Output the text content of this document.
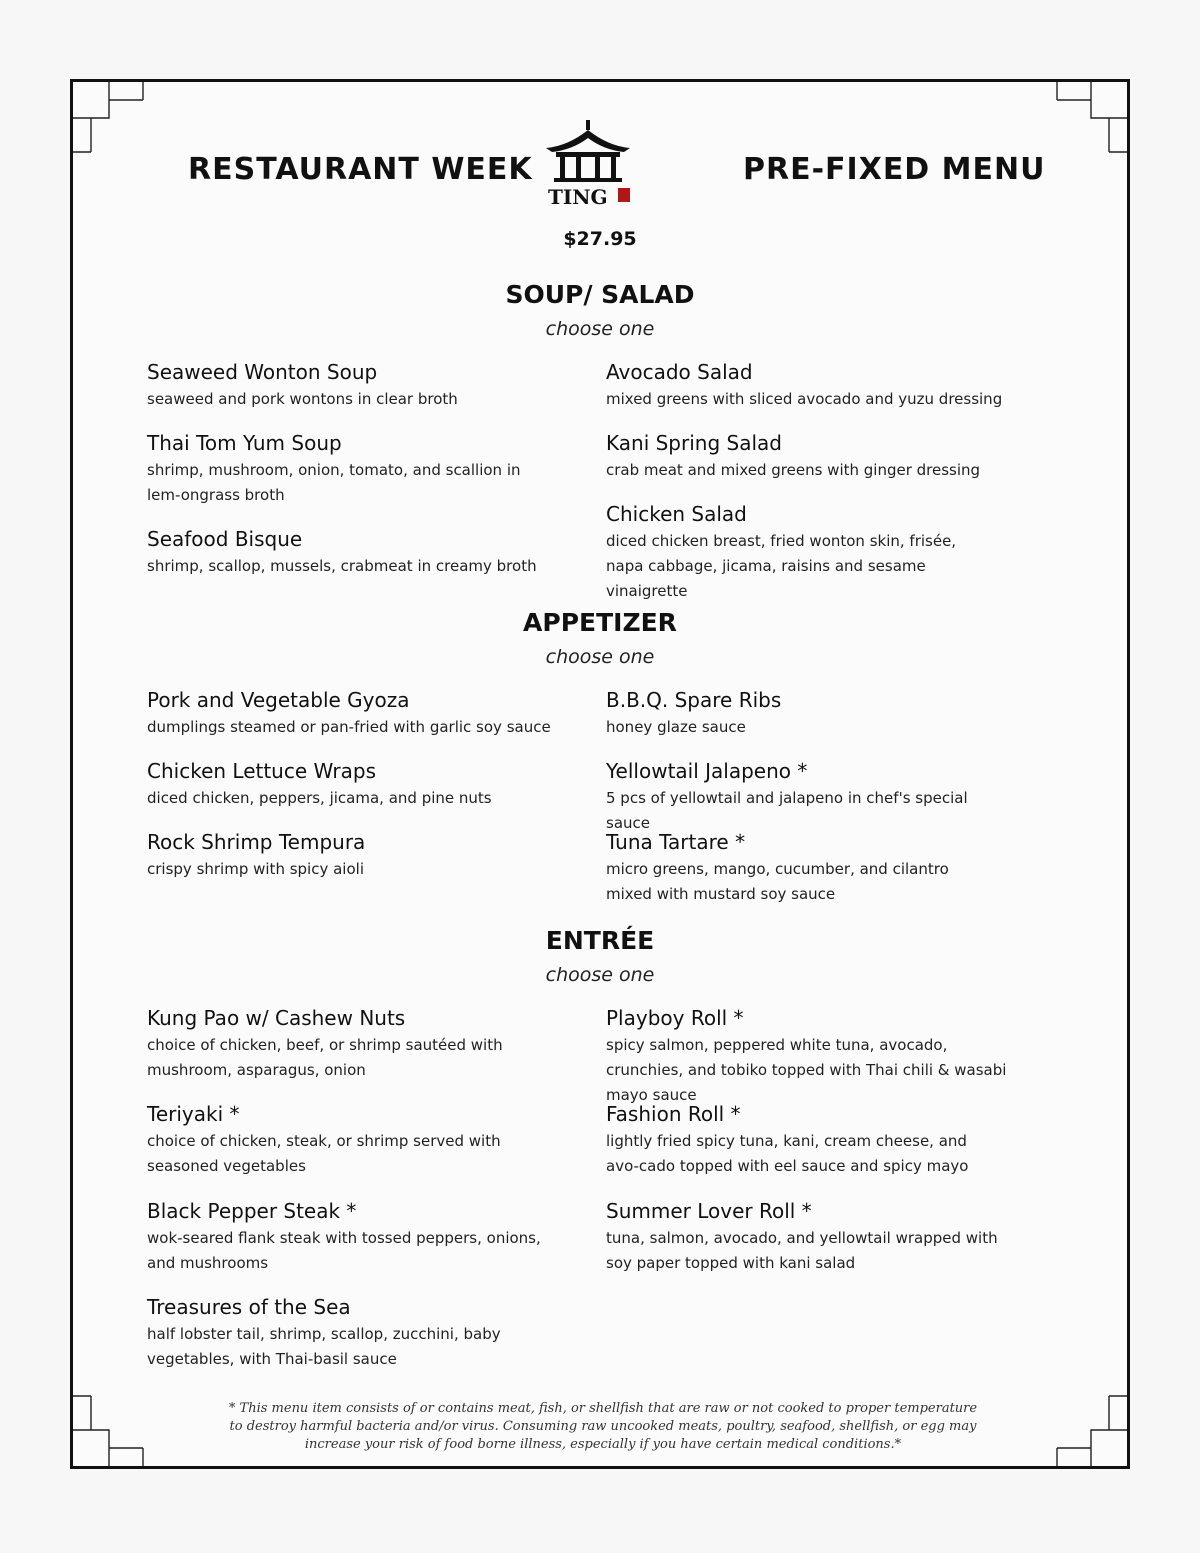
RESTAURANT WEEK	PRE-FIXED MENU
TING
$27.95
SOUP/ SALAD
choose one
Seaweed Wonton Soup
seaweed and pork wontons in clear broth
Thai Tom Yum Soup
shrimp, mushroom, onion, tomato, and scallion in lem-ongrass broth
Seafood Bisque
shrimp, scallop, mussels, crabmeat in creamy broth
Avocado Salad
mixed greens with sliced avocado and yuzu dressing
Kani Spring Salad
crab meat and mixed greens with ginger dressing
Chicken Salad
diced chicken breast, fried wonton skin, frisée, napa cabbage, jicama, raisins and sesame vinaigrette
APPETIZER
choose one
Pork and Vegetable Gyoza
dumplings steamed or pan-fried with garlic soy sauce
Chicken Lettuce Wraps
diced chicken, peppers, jicama, and pine nuts
Rock Shrimp Tempura
crispy shrimp with spicy aioli
B.B.Q. Spare Ribs
honey glaze sauce
Yellowtail Jalapeno *
5 pcs of yellowtail and jalapeno in chef's special sauce
Tuna Tartare *
micro greens, mango, cucumber, and cilantro mixed with mustard soy sauce
ENTRÉE
choose one
Kung Pao w/ Cashew Nuts
choice of chicken, beef, or shrimp sautéed with mushroom, asparagus, onion
Teriyaki *
choice of chicken, steak, or shrimp served with seasoned vegetables
Black Pepper Steak *
wok-seared flank steak with tossed peppers, onions, and mushrooms
Treasures of the Sea
half lobster tail, shrimp, scallop, zucchini, baby vegetables, with Thai-basil sauce
Playboy Roll *
spicy salmon, peppered white tuna, avocado, crunchies, and tobiko topped with Thai chili & wasabi mayo sauce
Fashion Roll *
lightly fried spicy tuna, kani, cream cheese, and avo-cado topped with eel sauce and spicy mayo
Summer Lover Roll *
tuna, salmon, avocado, and yellowtail wrapped with soy paper topped with kani salad
* This menu item consists of or contains meat, fish, or shellfish that are raw or not cooked to proper temperature to destroy harmful bacteria and/or virus. Consuming raw uncooked meats, poultry, seafood, shellfish, or egg may increase your risk of food borne illness, especially if you have certain medical conditions.*
